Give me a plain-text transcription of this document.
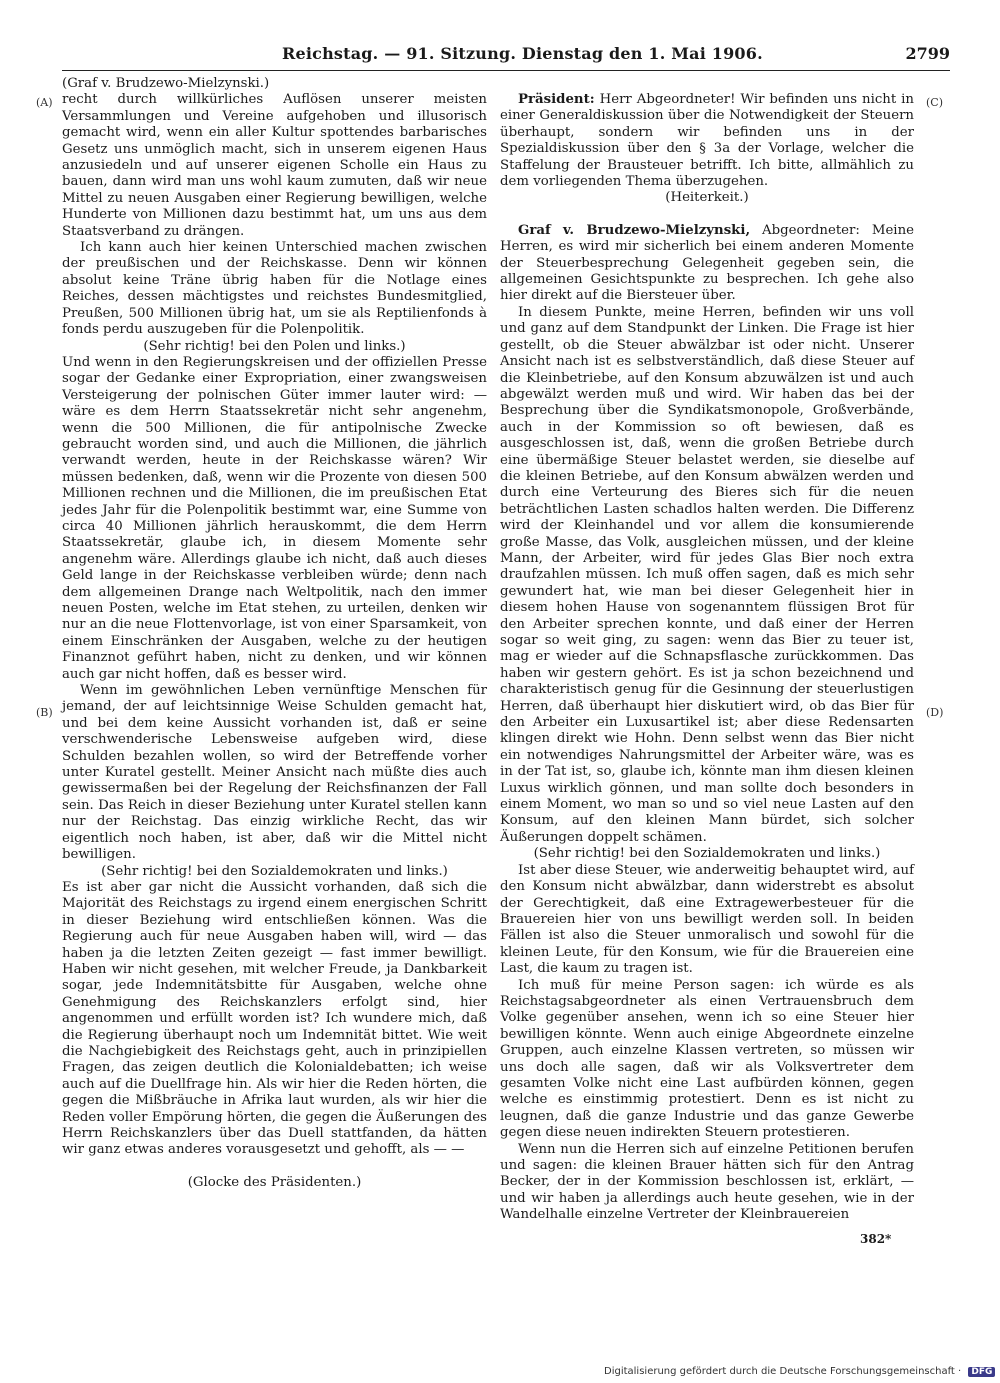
Reichstag. — 91. Sitzung. Dienstag den 1. Mai 1906.	2799
(A)
(B)
(C)
(D)

(Graf v. Brudzewo-Mielzynski.)

recht durch willkürliches Auflösen unserer meisten Versammlungen und Vereine aufgehoben und illusorisch gemacht wird, wenn ein aller Kultur spottendes barbarisches Gesetz uns unmöglich macht, sich in unserem eigenen Haus anzusiedeln und auf unserer eigenen Scholle ein Haus zu bauen, dann wird man uns wohl kaum zumuten, daß wir neue Mittel zu neuen Ausgaben einer Regierung bewilligen, welche Hunderte von Millionen dazu bestimmt hat, um uns aus dem Staatsverband zu drängen.

Ich kann auch hier keinen Unterschied machen zwischen der preußischen und der Reichskasse. Denn wir können absolut keine Träne übrig haben für die Notlage eines Reiches, dessen mächtigstes und reichstes Bundesmitglied, Preußen, 500 Millionen übrig hat, um sie als Reptilienfonds à fonds perdu auszugeben für die Polenpolitik.

(Sehr richtig! bei den Polen und links.)

Und wenn in den Regierungskreisen und der offiziellen Presse sogar der Gedanke einer Expropriation, einer zwangsweisen Versteigerung der polnischen Güter immer lauter wird: — wäre es dem Herrn Staatssekretär nicht sehr angenehm, wenn die 500 Millionen, die für antipolnische Zwecke gebraucht worden sind, und auch die Millionen, die jährlich verwandt werden, heute in der Reichskasse wären? Wir müssen bedenken, daß, wenn wir die Prozente von diesen 500 Millionen rechnen und die Millionen, die im preußischen Etat jedes Jahr für die Polenpolitik bestimmt war, eine Summe von circa 40 Millionen jährlich herauskommt, die dem Herrn Staatssekretär, glaube ich, in diesem Momente sehr angenehm wäre. Allerdings glaube ich nicht, daß auch dieses Geld lange in der Reichskasse verbleiben würde; denn nach dem allgemeinen Drange nach Weltpolitik, nach den immer neuen Posten, welche im Etat stehen, zu urteilen, denken wir nur an die neue Flottenvorlage, ist von einer Sparsamkeit, von einem Einschränken der Ausgaben, welche zu der heutigen Finanznot geführt haben, nicht zu denken, und wir können auch gar nicht hoffen, daß es besser wird.

Wenn im gewöhnlichen Leben vernünftige Menschen für jemand, der auf leichtsinnige Weise Schulden gemacht hat, und bei dem keine Aussicht vorhanden ist, daß er seine verschwenderische Lebensweise aufgeben wird, diese Schulden bezahlen wollen, so wird der Betreffende vorher unter Kuratel gestellt. Meiner Ansicht nach müßte dies auch gewissermaßen bei der Regelung der Reichsfinanzen der Fall sein. Das Reich in dieser Beziehung unter Kuratel stellen kann nur der Reichstag. Das einzig wirkliche Recht, das wir eigentlich noch haben, ist aber, daß wir die Mittel nicht bewilligen.

(Sehr richtig! bei den Sozialdemokraten und links.)

Es ist aber gar nicht die Aussicht vorhanden, daß sich die Majorität des Reichstags zu irgend einem energischen Schritt in dieser Beziehung wird entschließen können. Was die Regierung auch für neue Ausgaben haben will, wird — das haben ja die letzten Zeiten gezeigt — fast immer bewilligt. Haben wir nicht gesehen, mit welcher Freude, ja Dankbarkeit sogar, jede Indemnitätsbitte für Ausgaben, welche ohne Genehmigung des Reichskanzlers erfolgt sind, hier angenommen und erfüllt worden ist? Ich wundere mich, daß die Regierung überhaupt noch um Indemnität bittet. Wie weit die Nachgiebigkeit des Reichstags geht, auch in prinzipiellen Fragen, das zeigen deutlich die Kolonialdebatten; ich weise auch auf die Duellfrage hin. Als wir hier die Reden hörten, die gegen die Mißbräuche in Afrika laut wurden, als wir hier die Reden voller Empörung hörten, die gegen die Äußerungen des Herrn Reichskanzlers über das Duell stattfanden, da hätten wir ganz etwas anderes vorausgesetzt und gehofft, als — —

(Glocke des Präsidenten.)

Präsident: Herr Abgeordneter! Wir befinden uns nicht in einer Generaldiskussion über die Notwendigkeit der Steuern überhaupt, sondern wir befinden uns in der Spezialdiskussion über den § 3a der Vorlage, welcher die Staffelung der Brausteuer betrifft. Ich bitte, allmählich zu dem vorliegenden Thema überzugehen.

(Heiterkeit.)

Graf v. Brudzewo-Mielzynski, Abgeordneter: Meine Herren, es wird mir sicherlich bei einem anderen Momente der Steuerbesprechung Gelegenheit gegeben sein, die allgemeinen Gesichtspunkte zu besprechen. Ich gehe also hier direkt auf die Biersteuer über.

In diesem Punkte, meine Herren, befinden wir uns voll und ganz auf dem Standpunkt der Linken. Die Frage ist hier gestellt, ob die Steuer abwälzbar ist oder nicht. Unserer Ansicht nach ist es selbstverständlich, daß diese Steuer auf die Kleinbetriebe, auf den Konsum abzuwälzen ist und auch abgewälzt werden muß und wird. Wir haben das bei der Besprechung über die Syndikatsmonopole, Großverbände, auch in der Kommission so oft bewiesen, daß es ausgeschlossen ist, daß, wenn die großen Betriebe durch eine übermäßige Steuer belastet werden, sie dieselbe auf die kleinen Betriebe, auf den Konsum abwälzen werden und durch eine Verteurung des Bieres sich für die neuen beträchtlichen Lasten schadlos halten werden. Die Differenz wird der Kleinhandel und vor allem die konsumierende große Masse, das Volk, ausgleichen müssen, und der kleine Mann, der Arbeiter, wird für jedes Glas Bier noch extra draufzahlen müssen. Ich muß offen sagen, daß es mich sehr gewundert hat, wie man bei dieser Gelegenheit hier in diesem hohen Hause von sogenanntem flüssigen Brot für den Arbeiter sprechen konnte, und daß einer der Herren sogar so weit ging, zu sagen: wenn das Bier zu teuer ist, mag er wieder auf die Schnapsflasche zurückkommen. Das haben wir gestern gehört. Es ist ja schon bezeichnend und charakteristisch genug für die Gesinnung der steuerlustigen Herren, daß überhaupt hier diskutiert wird, ob das Bier für den Arbeiter ein Luxusartikel ist; aber diese Redensarten klingen direkt wie Hohn. Denn selbst wenn das Bier nicht ein notwendiges Nahrungsmittel der Arbeiter wäre, was es in der Tat ist, so, glaube ich, könnte man ihm diesen kleinen Luxus wirklich gönnen, und man sollte doch besonders in einem Moment, wo man so und so viel neue Lasten auf den Konsum, auf den kleinen Mann bürdet, sich solcher Äußerungen doppelt schämen.

(Sehr richtig! bei den Sozialdemokraten und links.)

Ist aber diese Steuer, wie anderweitig behauptet wird, auf den Konsum nicht abwälzbar, dann widerstrebt es absolut der Gerechtigkeit, daß eine Extragewerbesteuer für die Brauereien hier von uns bewilligt werden soll. In beiden Fällen ist also die Steuer unmoralisch und sowohl für die kleinen Leute, für den Konsum, wie für die Brauereien eine Last, die kaum zu tragen ist.

Ich muß für meine Person sagen: ich würde es als Reichstagsabgeordneter als einen Vertrauensbruch dem Volke gegenüber ansehen, wenn ich so eine Steuer hier bewilligen könnte. Wenn auch einige Abgeordnete einzelne Gruppen, auch einzelne Klassen vertreten, so müssen wir uns doch alle sagen, daß wir als Volksvertreter dem gesamten Volke nicht eine Last aufbürden können, gegen welche es einstimmig protestiert. Denn es ist nicht zu leugnen, daß die ganze Industrie und das ganze Gewerbe gegen diese neuen indirekten Steuern protestieren.

Wenn nun die Herren sich auf einzelne Petitionen berufen und sagen: die kleinen Brauer hätten sich für den Antrag Becker, der in der Kommission beschlossen ist, erklärt, — und wir haben ja allerdings auch heute gesehen, wie in der Wandelhalle einzelne Vertreter der Kleinbrauereien

382*
Digitalisierung gefördert durch die Deutsche Forschungsgemeinschaft · DFG
